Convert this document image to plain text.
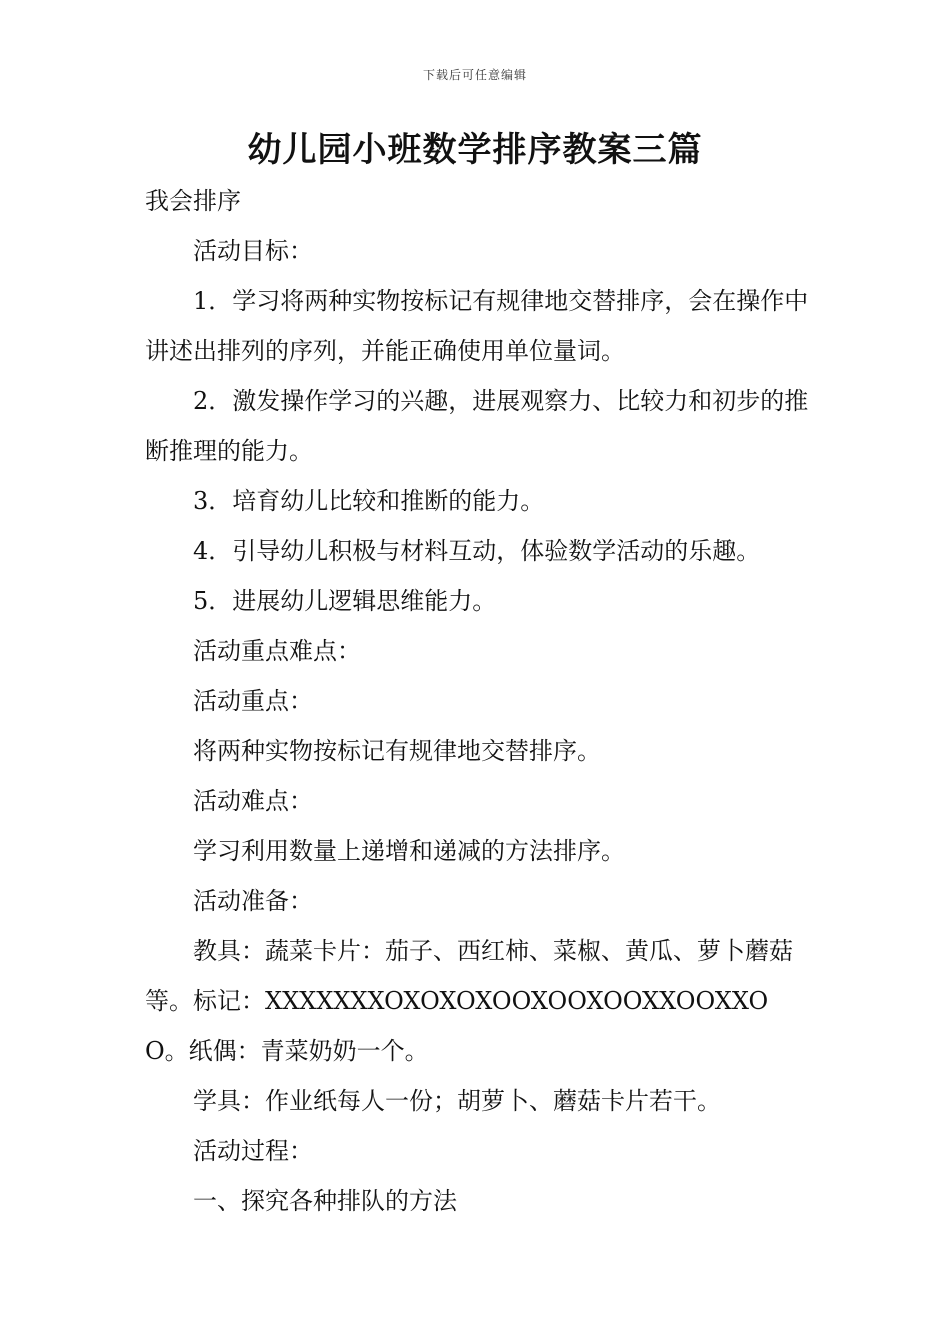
下载后可任意编辑
幼儿园小班数学排序教案三篇

我会排序

活动目标：

1．学习将两种实物按标记有规律地交替排序，会在操作中讲述出排列的序列，并能正确使用单位量词。

2．激发操作学习的兴趣，进展观察力、比较力和初步的推断推理的能力。

3．培育幼儿比较和推断的能力。

4．引导幼儿积极与材料互动，体验数学活动的乐趣。

5．进展幼儿逻辑思维能力。

活动重点难点：

活动重点：

将两种实物按标记有规律地交替排序。

活动难点：

学习利用数量上递增和递减的方法排序。

活动准备：

教具：蔬菜卡片：茄子、西红柿、菜椒、黄瓜、萝卜蘑菇等。标记：XXXXXXXOXOXOXOOXOOXOOXXOOXXOO。纸偶：青菜奶奶一个。

学具：作业纸每人一份；胡萝卜、蘑菇卡片若干。

活动过程：

一、探究各种排队的方法
